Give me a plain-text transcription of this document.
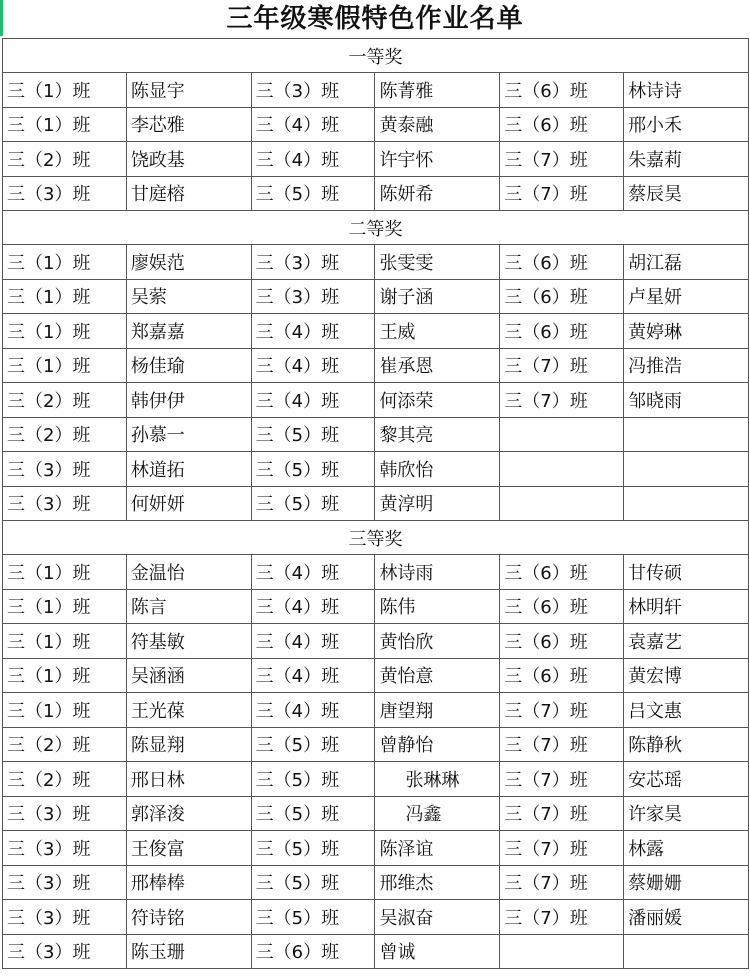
三年级寒假特色作业名单
一等奖					
三（1）班	陈显宇	三（3）班	陈菁雅	三（6）班	林诗诗
三（1）班	李芯雅	三（4）班	黄泰融	三（6）班	邢小禾
三（2）班	饶政基	三（4）班	许宇怀	三（7）班	朱嘉莉
三（3）班	甘庭榕	三（5）班	陈妍希	三（7）班	蔡辰昊
二等奖					
三（1）班	廖娱范	三（3）班	张雯雯	三（6）班	胡江磊
三（1）班	吴萦	三（3）班	谢子涵	三（6）班	卢星妍
三（1）班	郑嘉嘉	三（4）班	王威	三（6）班	黄婷琳
三（1）班	杨佳瑜	三（4）班	崔承恩	三（7）班	冯推浩
三（2）班	韩伊伊	三（4）班	何添荣	三（7）班	邹晓雨
三（2）班	孙慕一	三（5）班	黎其亮		
三（3）班	林道拓	三（5）班	韩欣怡		
三（3）班	何妍妍	三（5）班	黄淳明		
三等奖					
三（1）班	金温怡	三（4）班	林诗雨	三（6）班	甘传硕
三（1）班	陈言	三（4）班	陈伟	三（6）班	林明轩
三（1）班	符基敏	三（4）班	黄怡欣	三（6）班	袁嘉艺
三（1）班	吴涵涵	三（4）班	黄怡意	三（6）班	黄宏博
三（1）班	王光葆	三（4）班	唐望翔	三（7）班	吕文惠
三（2）班	陈显翔	三（5）班	曾静怡	三（7）班	陈静秋
三（2）班	邢日林	三（5）班	张琳琳	三（7）班	安芯瑶
三（3）班	郭泽浚	三（5）班	冯鑫	三（7）班	许家昊
三（3）班	王俊富	三（5）班	陈泽谊	三（7）班	林露
三（3）班	邢棒棒	三（5）班	邢维杰	三（7）班	蔡姗姗
三（3）班	符诗铭	三（5）班	吴淑奋	三（7）班	潘丽媛
三（3）班	陈玉珊	三（6）班	曾诚		
